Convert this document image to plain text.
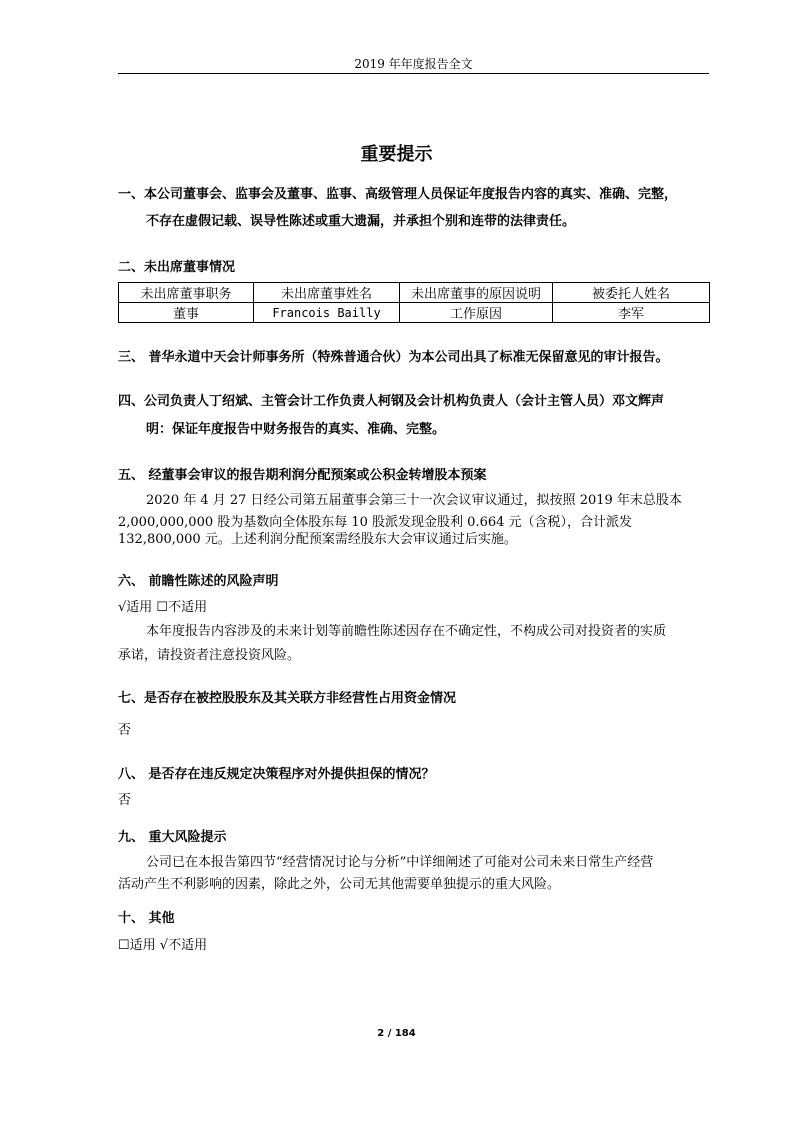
2019 年年度报告全文
重要提示
一、本公司董事会、监事会及董事、监事、高级管理人员保证年度报告内容的真实、准确、完整，
不存在虚假记载、误导性陈述或重大遗漏，并承担个别和连带的法律责任。
二、未出席董事情况
未出席董事职务	未出席董事姓名	未出席董事的原因说明	被委托人姓名
董事	Francois Bailly	工作原因	李军
三、 普华永道中天会计师事务所（特殊普通合伙）为本公司出具了标准无保留意见的审计报告。
四、公司负责人丁绍斌、主管会计工作负责人柯钢及会计机构负责人（会计主管人员）邓文辉声
明：保证年度报告中财务报告的真实、准确、完整。
五、 经董事会审议的报告期利润分配预案或公积金转增股本预案
2020 年 4 月 27 日经公司第五届董事会第三十一次会议审议通过，拟按照 2019 年末总股本
2,000,000,000 股为基数向全体股东每 10 股派发现金股利 0.664 元（含税），合计派发
132,800,000 元。上述利润分配预案需经股东大会审议通过后实施。
六、 前瞻性陈述的风险声明
√适用 ☐不适用
本年度报告内容涉及的未来计划等前瞻性陈述因存在不确定性，不构成公司对投资者的实质
承诺，请投资者注意投资风险。
七、是否存在被控股股东及其关联方非经营性占用资金情况
否
八、 是否存在违反规定决策程序对外提供担保的情况？
否
九、 重大风险提示
公司已在本报告第四节“经营情况讨论与分析”中详细阐述了可能对公司未来日常生产经营
活动产生不利影响的因素，除此之外，公司无其他需要单独提示的重大风险。
十、 其他
☐适用 √不适用
2 / 184
